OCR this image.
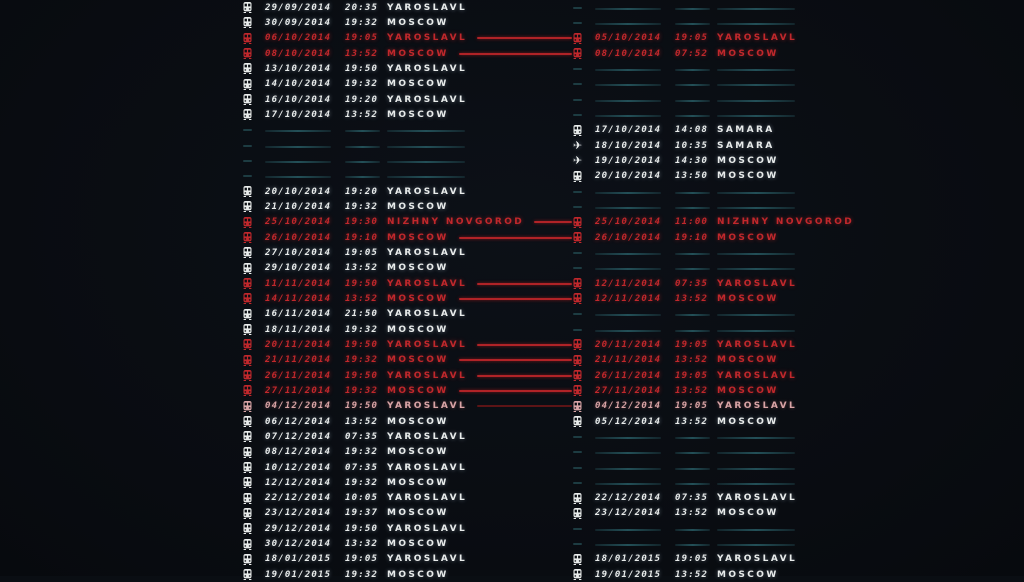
29/09/2014	20:35 YAROSLAVL
30/09/2014	19:32 MOSCOW
06/10/2014	19:05 YAROSLAVL
08/10/2014	13:52 MOSCOW
13/10/2014	19:50 YAROSLAVL
14/10/2014	19:32 MOSCOW
16/10/2014	19:20 YAROSLAVL
17/10/2014	13:52 MOSCOW
20/10/2014	19:20 YAROSLAVL
21/10/2014	19:32 MOSCOW
25/10/2014	19:30 NIZHNY NOVGOROD
26/10/2014	19:10 MOSCOW
27/10/2014	19:05 YAROSLAVL
29/10/2014	13:52 MOSCOW
11/11/2014	19:50 YAROSLAVL
14/11/2014	13:52 MOSCOW
16/11/2014	21:50 YAROSLAVL
18/11/2014	19:32 MOSCOW
20/11/2014	19:50 YAROSLAVL
21/11/2014	19:32 MOSCOW
26/11/2014	19:50 YAROSLAVL
27/11/2014	19:32 MOSCOW
04/12/2014	19:50 YAROSLAVL
06/12/2014	13:52 MOSCOW
07/12/2014	07:35 YAROSLAVL
08/12/2014	19:32 MOSCOW
10/12/2014	07:35 YAROSLAVL
12/12/2014	19:32 MOSCOW
22/12/2014	10:05 YAROSLAVL
23/12/2014	19:37 MOSCOW
29/12/2014	19:50 YAROSLAVL
30/12/2014	13:32 MOSCOW
18/01/2015	19:05 YAROSLAVL
19/01/2015	19:32 MOSCOW
05/10/2014	19:05 YAROSLAVL
08/10/2014	07:52 MOSCOW
17/10/2014	14:08 SAMARA
✈ 18/10/2014	10:35 SAMARA
✈ 19/10/2014	14:30 MOSCOW
20/10/2014	13:50 MOSCOW
25/10/2014	11:00 NIZHNY NOVGOROD
26/10/2014	19:10 MOSCOW
12/11/2014	07:35 YAROSLAVL
12/11/2014	13:52 MOSCOW
20/11/2014	19:05 YAROSLAVL
21/11/2014	13:52 MOSCOW
26/11/2014	19:05 YAROSLAVL
27/11/2014	13:52 MOSCOW
04/12/2014	19:05 YAROSLAVL
05/12/2014	13:52 MOSCOW
22/12/2014	07:35 YAROSLAVL
23/12/2014	13:52 MOSCOW
18/01/2015	19:05 YAROSLAVL
19/01/2015	13:52 MOSCOW
